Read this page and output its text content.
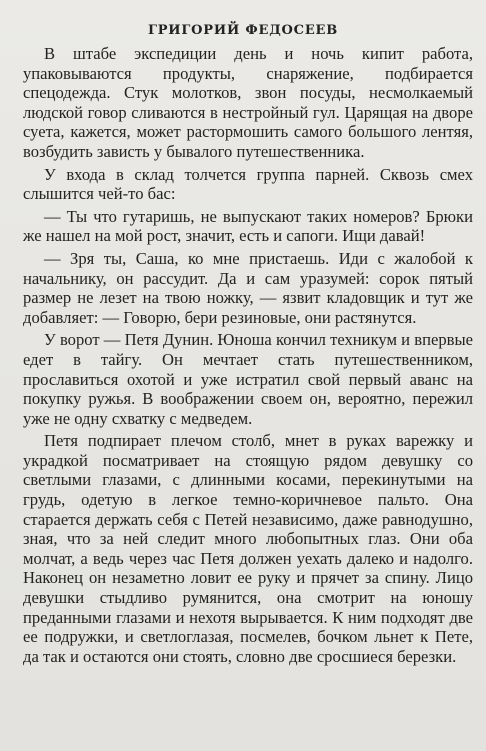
ГРИГОРИЙ ФЕДОСЕЕВ

В штабе экспедиции день и ночь кипит работа, упаковываются продукты, снаряжение, подбирается спецодежда. Стук молотков, звон посуды, несмолкаемый людской говор сливаются в нестройный гул. Царящая на дворе суета, кажется, может растормошить самого большого лентяя, возбудить зависть у бывалого путешественника.

У входа в склад толчется группа парней. Сквозь смех слышится чей-то бас:

— Ты что гутаришь, не выпускают таких номеров? Брюки же нашел на мой рост, значит, есть и сапоги. Ищи давай!

— Зря ты, Саша, ко мне пристаешь. Иди с жалобой к начальнику, он рассудит. Да и сам уразумей: сорок пятый размер не лезет на твою ножку, — язвит кладовщик и тут же добавляет: — Говорю, бери резиновые, они растянутся.

У ворот — Петя Дунин. Юноша кончил техникум и впервые едет в тайгу. Он мечтает стать путешественником, прославиться охотой и уже истратил свой первый аванс на покупку ружья. В воображении своем он, вероятно, пережил уже не одну схватку с медведем.

Петя подпирает плечом столб, мнет в руках варежку и украдкой посматривает на стоящую рядом девушку со светлыми глазами, с длинными косами, перекинутыми на грудь, одетую в легкое темно-коричневое пальто. Она старается держать себя с Петей независимо, даже равнодушно, зная, что за ней следит много любопытных глаз. Они оба молчат, а ведь через час Петя должен уехать далеко и надолго. Наконец он незаметно ловит ее руку и прячет за спину. Лицо девушки стыдливо румянится, она смотрит на юношу преданными глазами и нехотя вырывается. К ним подходят две ее подружки, и светлоглазая, посмелев, бочком льнет к Пете, да так и остаются они стоять, словно две сросшиеся березки.
